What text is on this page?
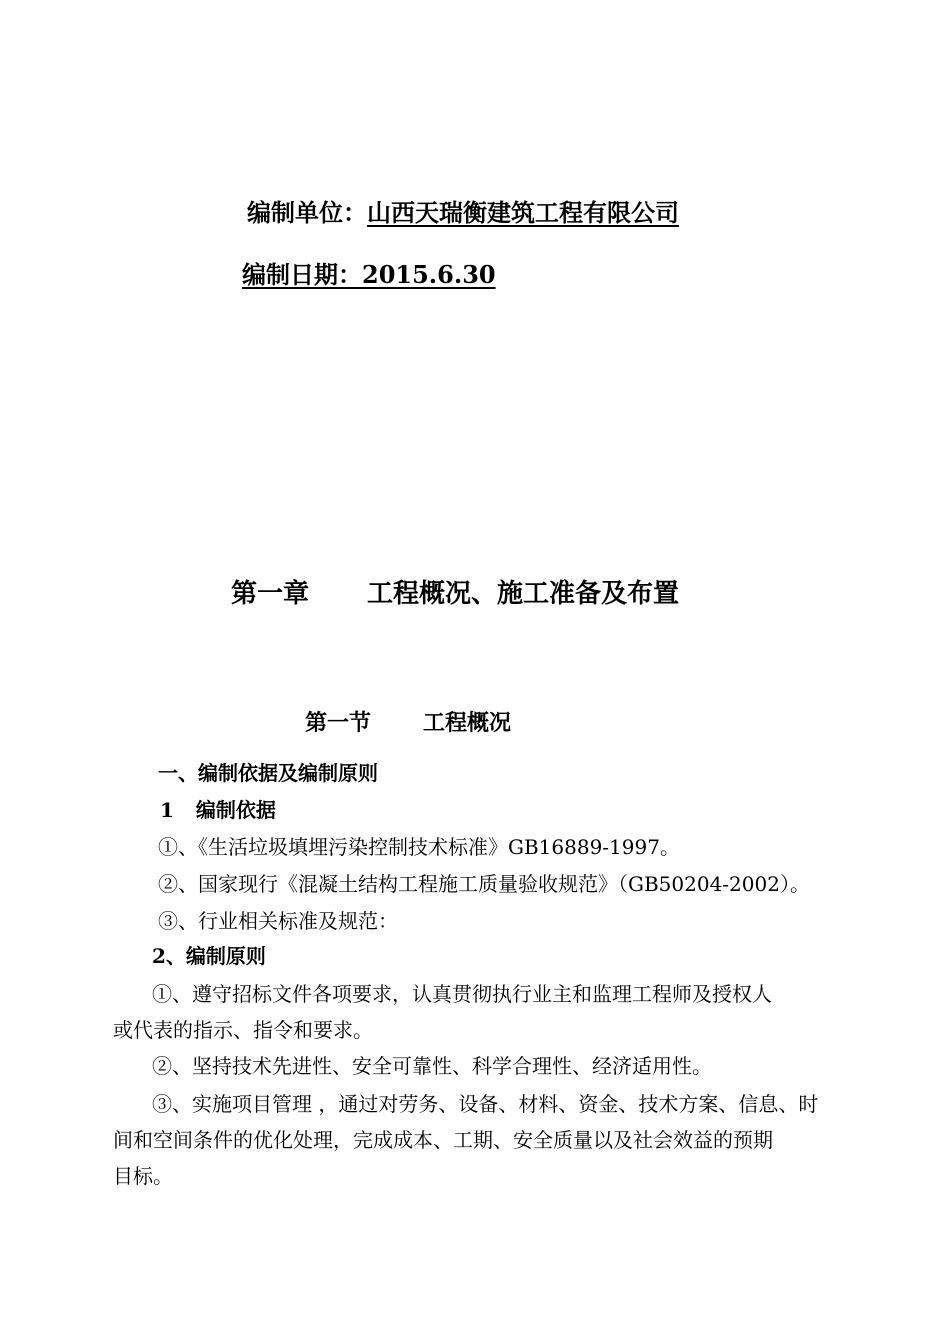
编制单位：山西天瑞衡建筑工程有限公司
编制日期：2015.6.30
第一章 工程概况、施工准备及布置
第一节 工程概况
一、编制依据及编制原则
1 编制依据
①、《生活垃圾填埋污染控制技术标准》GB16889-1997。
②、国家现行《混凝土结构工程施工质量验收规范》（GB50204-2002）。
③、行业相关标准及规范：
2、编制原则
①、遵守招标文件各项要求，认真贯彻执行业主和监理工程师及授权人
或代表的指示、指令和要求。
②、坚持技术先进性、安全可靠性、科学合理性、经济适用性。
③、实施项目管理 ，通过对劳务、设备、材料、资金、技术方案、信息、时
间和空间条件的优化处理，完成成本、工期、安全质量以及社会效益的预期
目标。
